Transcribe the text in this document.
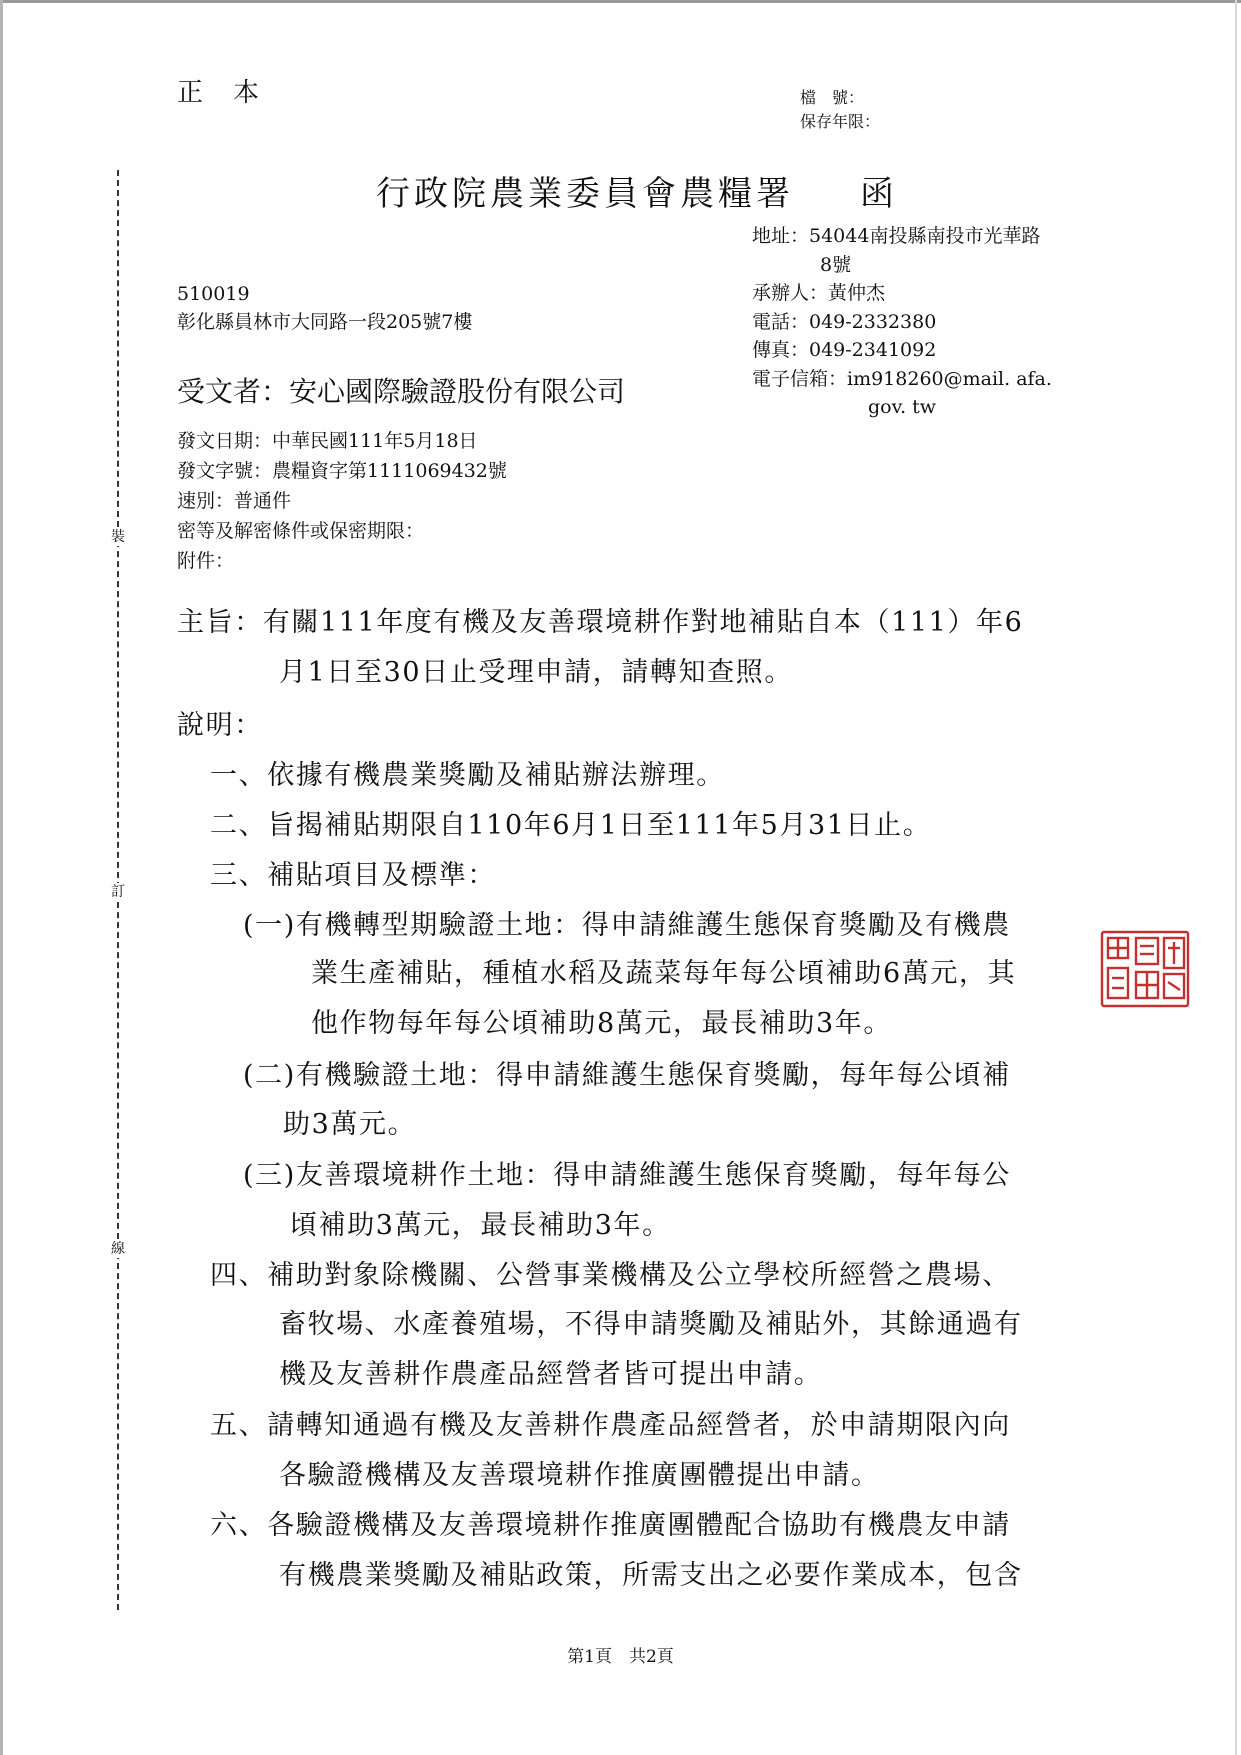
裝
訂
線
正本	檔　號：
保存年限：
行政院農業委員會農糧署 函
地址：54044南投縣南投市光華路
8號
承辦人：黃仲杰
電話：049-2332380
傳真：049-2341092
電子信箱：im918260@mail. afa.
gov. tw
510019
彰化縣員林市大同路一段205號7樓
受文者：安心國際驗證股份有限公司
發文日期：中華民國111年5月18日
發文字號：農糧資字第1111069432號
速別：普通件
密等及解密條件或保密期限：
附件：
主旨：有關111年度有機及友善環境耕作對地補貼自本（111）年6
月1日至30日止受理申請，請轉知查照。
說明：
一、依據有機農業獎勵及補貼辦法辦理。
二、旨揭補貼期限自110年6月1日至111年5月31日止。
三、補貼項目及標準：
(一)有機轉型期驗證土地：得申請維護生態保育獎勵及有機農
業生產補貼，種植水稻及蔬菜每年每公頃補助6萬元，其
他作物每年每公頃補助8萬元，最長補助3年。
(二)有機驗證土地：得申請維護生態保育獎勵，每年每公頃補
助3萬元。
(三)友善環境耕作土地：得申請維護生態保育獎勵，每年每公
頃補助3萬元，最長補助3年。
四、補助對象除機關、公營事業機構及公立學校所經營之農場、
畜牧場、水產養殖場，不得申請獎勵及補貼外，其餘通過有
機及友善耕作農產品經營者皆可提出申請。
五、請轉知通過有機及友善耕作農產品經營者，於申請期限內向
各驗證機構及友善環境耕作推廣團體提出申請。
六、各驗證機構及友善環境耕作推廣團體配合協助有機農友申請
有機農業獎勵及補貼政策，所需支出之必要作業成本，包含
第1頁　共2頁
